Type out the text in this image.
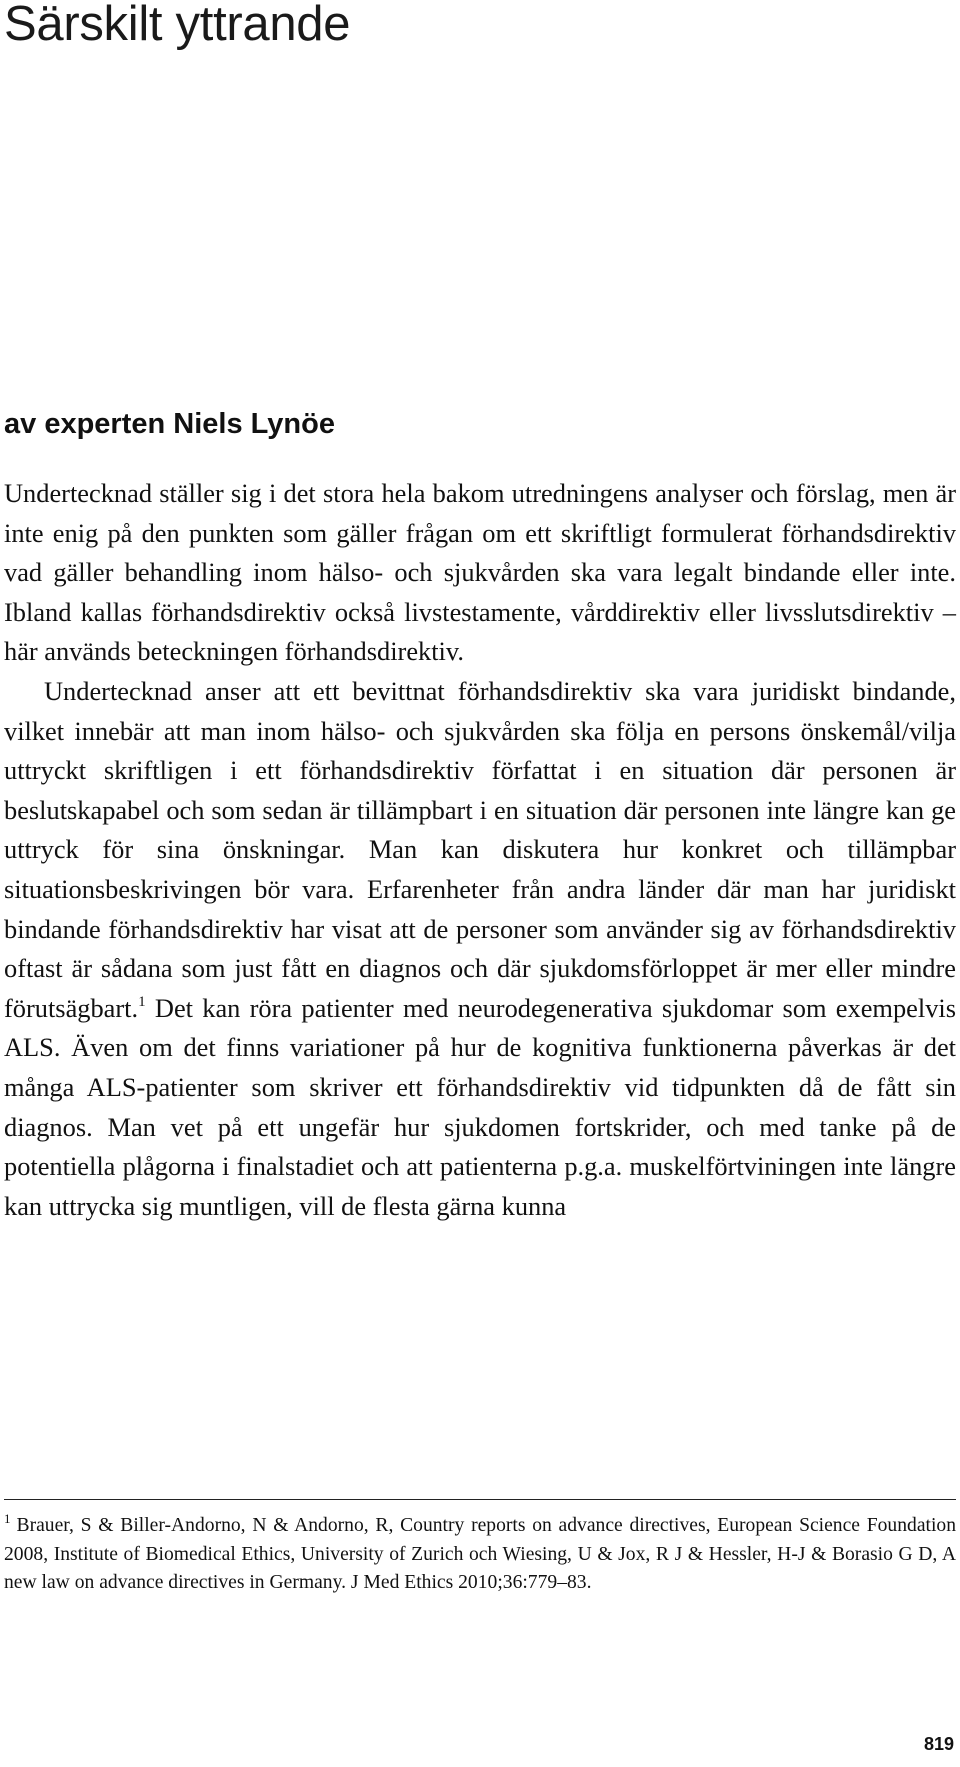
Särskilt yttrande
av experten Niels Lynöe

Undertecknad ställer sig i det stora hela bakom utredningens analyser och förslag, men är inte enig på den punkten som gäller frågan om ett skriftligt formulerat förhandsdirektiv vad gäller behandling inom hälso- och sjukvården ska vara legalt bindande eller inte. Ibland kallas förhandsdirektiv också livstestamente, vårddirektiv eller livsslutsdirektiv – här används beteckningen förhandsdirektiv.

Undertecknad anser att ett bevittnat förhandsdirektiv ska vara juridiskt bindande, vilket innebär att man inom hälso- och sjukvården ska följa en persons önskemål/vilja uttryckt skriftligen i ett förhandsdirektiv författat i en situation där personen är beslutskapabel och som sedan är tillämpbart i en situation där personen inte längre kan ge uttryck för sina önskningar. Man kan diskutera hur konkret och tillämpbar situationsbeskrivingen bör vara. Erfarenheter från andra länder där man har juridiskt bindande förhandsdirektiv har visat att de personer som använder sig av förhandsdirektiv oftast är sådana som just fått en diagnos och där sjukdomsförloppet är mer eller mindre förutsägbart.$^1$ Det kan röra patienter med neurodegenerativa sjukdomar som exempelvis ALS. Även om det finns variationer på hur de kognitiva funktionerna påverkas är det många ALS-patienter som skriver ett förhandsdirektiv vid tidpunkten då de fått sin diagnos. Man vet på ett ungefär hur sjukdomen fortskrider, och med tanke på de potentiella plågorna i finalstadiet och att patienterna p.g.a. muskelförtviningen inte längre kan uttrycka sig muntligen, vill de flesta gärna kunna

$^1$ Brauer, S & Biller-Andorno, N & Andorno, R, Country reports on advance directives, European Science Foundation 2008, Institute of Biomedical Ethics, University of Zurich och Wiesing, U & Jox, R J & Hessler, H-J & Borasio G D, A new law on advance directives in Germany. J Med Ethics 2010;36:779–83.

819
